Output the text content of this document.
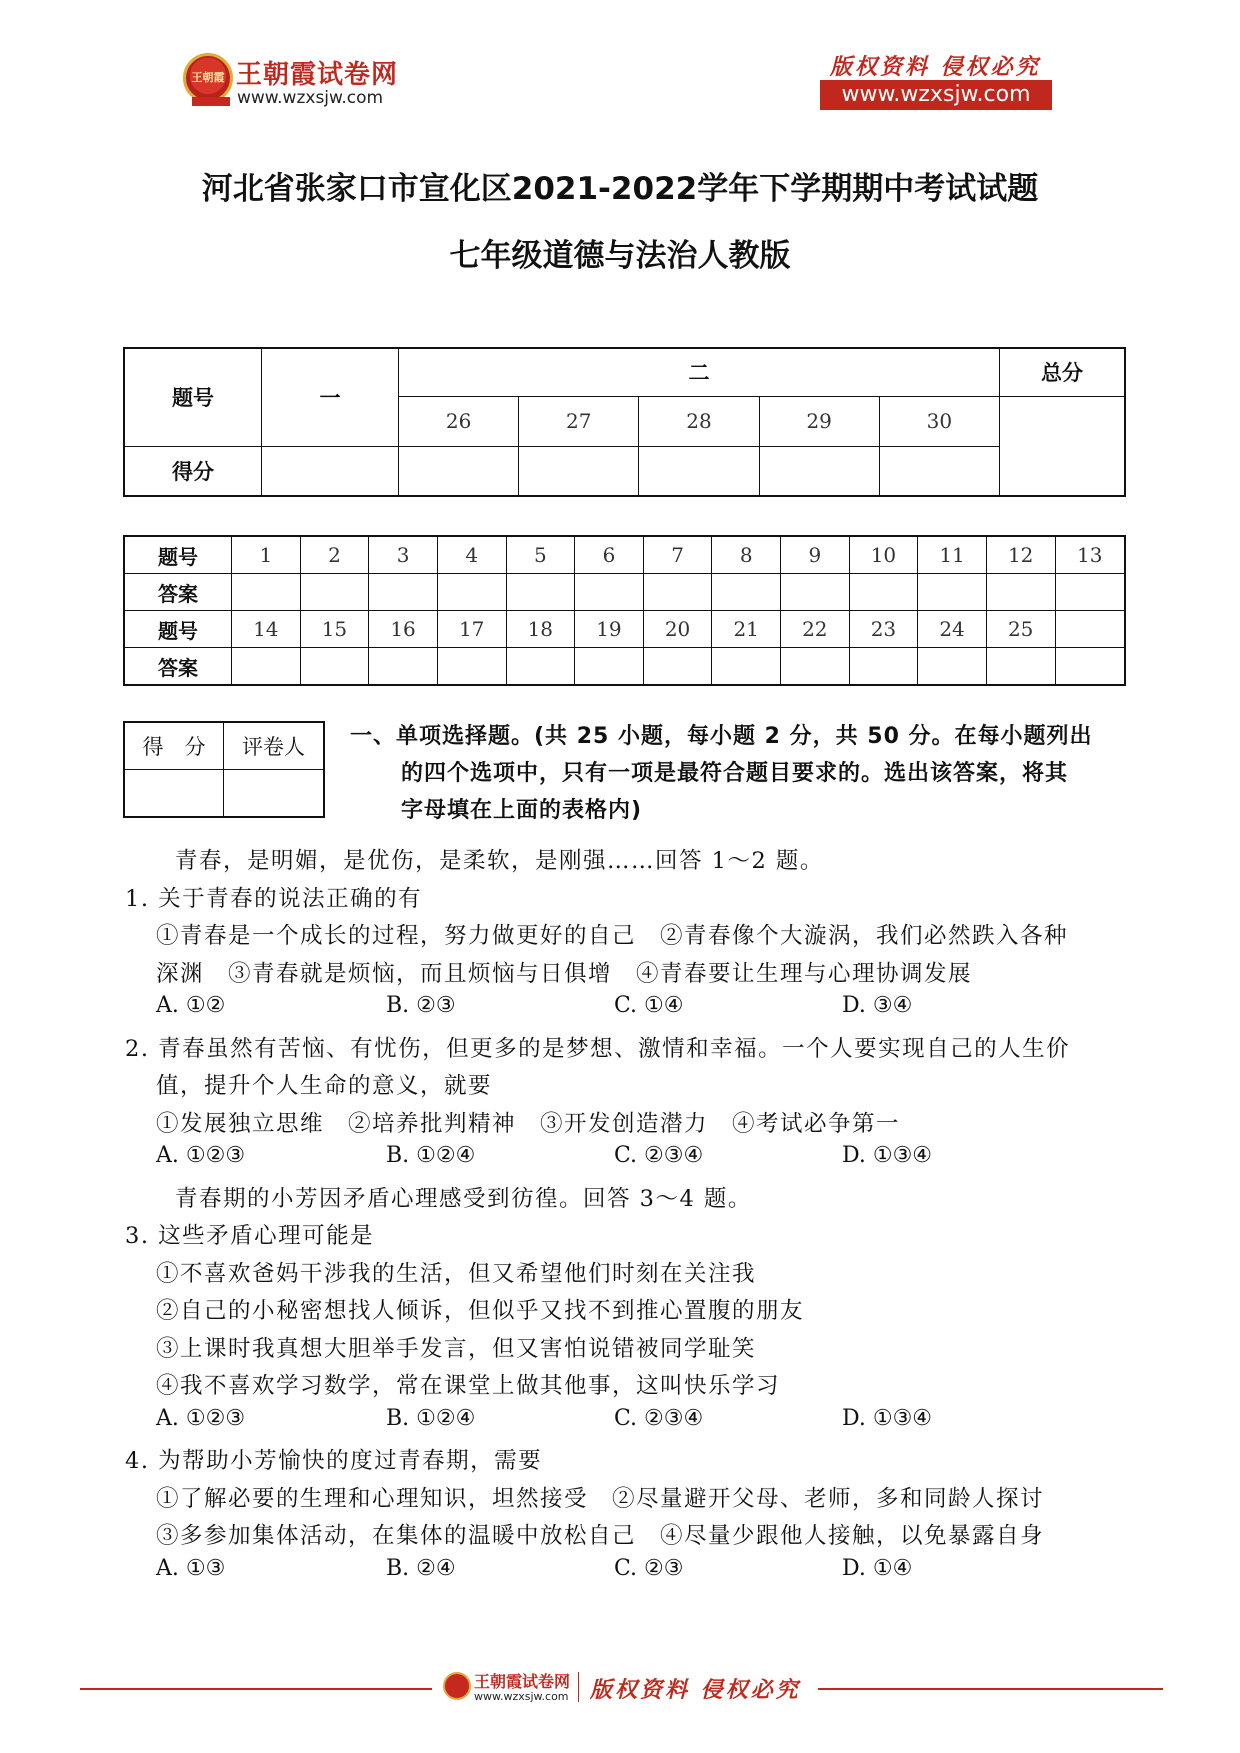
王朝霞 王朝霞试卷网
www.wzxsjw.com
版权资料 侵权必究
www.wzxsjw.com
河北省张家口市宣化区2021-2022学年下学期期中考试试题
七年级道德与法治人教版
题号	一	二					总分
		26	27	28	29	30	
得分							
题号	1	2	3	4	5	6	7	8	9	10	11	12	13
答案													
题号	14	15	16	17	18	19	20	21	22	23	24	25	
答案													
得　分	评卷人
	一、单项选择题。(共 25 小题，每小题 2 分，共 50 分。在每小题列出
的四个选项中，只有一项是最符合题目要求的。选出该答案，将其
字母填在上面的表格内)
青春，是明媚，是优伤，是柔软，是刚强……回答 1～2 题。
1. 关于青春的说法正确的有
①青春是一个成长的过程，努力做更好的自己　②青春像个大漩涡，我们必然跌入各种
深渊　③青春就是烦恼，而且烦恼与日俱增　④青春要让生理与心理协调发展
A. ①②	B. ②③	C. ①④	D. ③④
2. 青春虽然有苦恼、有忧伤，但更多的是梦想、激情和幸福。一个人要实现自己的人生价
值，提升个人生命的意义，就要
①发展独立思维　②培养批判精神　③开发创造潜力　④考试必争第一
A. ①②③	B. ①②④	C. ②③④	D. ①③④
青春期的小芳因矛盾心理感受到彷徨。回答 3～4 题。
3. 这些矛盾心理可能是
①不喜欢爸妈干涉我的生活，但又希望他们时刻在关注我
②自己的小秘密想找人倾诉，但似乎又找不到推心置腹的朋友
③上课时我真想大胆举手发言，但又害怕说错被同学耻笑
④我不喜欢学习数学，常在课堂上做其他事，这叫快乐学习
A. ①②③	B. ①②④	C. ②③④	D. ①③④
4. 为帮助小芳愉快的度过青春期，需要
①了解必要的生理和心理知识，坦然接受　②尽量避开父母、老师，多和同龄人探讨
③多参加集体活动，在集体的温暖中放松自己　④尽量少跟他人接触，以免暴露自身
A. ①③	B. ②④	C. ②③	D. ①④
王朝霞试卷网
www.wzxsjw.com 版权资料 侵权必究
